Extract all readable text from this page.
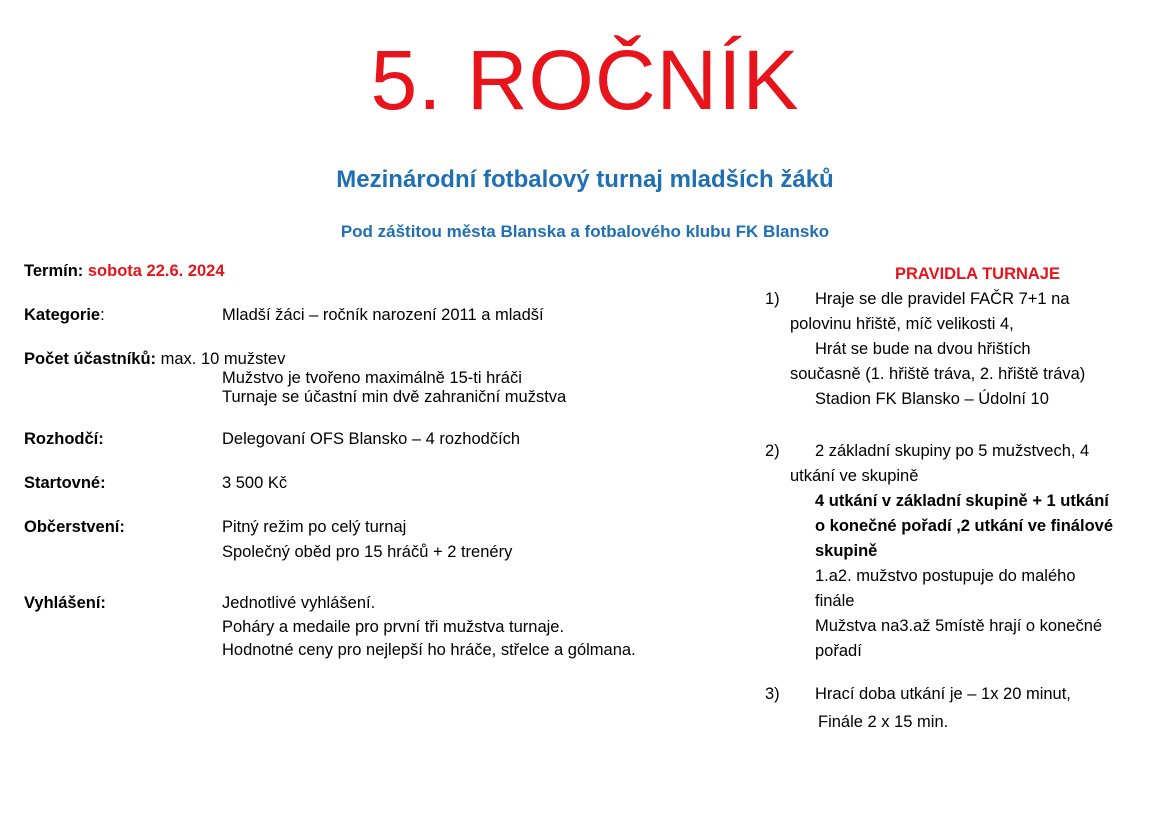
5. ROČNÍK
Mezinárodní fotbalový turnaj mladších žáků
Pod záštitou města Blanska a fotbalového klubu FK Blansko
Termín: sobota 22.6. 2024
Kategorie:	Mladší žáci – ročník narození 2011 a mladší
Počet účastníků: max. 10 mužstev
Mužstvo je tvořeno maximálně 15-ti hráči
Turnaje se účastní min dvě zahraniční mužstva
Rozhodčí:	Delegovaní OFS Blansko – 4 rozhodčích
Startovné:	3 500 Kč
Občerstvení:	Pitný režim po celý turnaj
Společný oběd pro 15 hráčů + 2 trenéry
Vyhlášení:	Jednotlivé vyhlášení.
Poháry a medaile pro první tři mužstva turnaje.
Hodnotné ceny pro nejlepší ho hráče, střelce a gólmana.
PRAVIDLA TURNAJE
1) Hraje se dle pravidel FAČR 7+1 na
polovinu hřiště, míč velikosti 4,
Hrát se bude na dvou hřištích
současně (1. hřiště tráva, 2. hřiště tráva)
Stadion FK Blansko – Údolní 10
2) 2 základní skupiny po 5 mužstvech, 4
utkání ve skupině
4 utkání v základní skupině + 1 utkání
o konečné pořadí ,2 utkání ve finálové
skupině
1.a2. mužstvo postupuje do malého
finále
Mužstva na3.až 5místě hrají o konečné
pořadí
3) Hrací doba utkání je – 1x 20 minut,
Finále 2 x 15 min.
